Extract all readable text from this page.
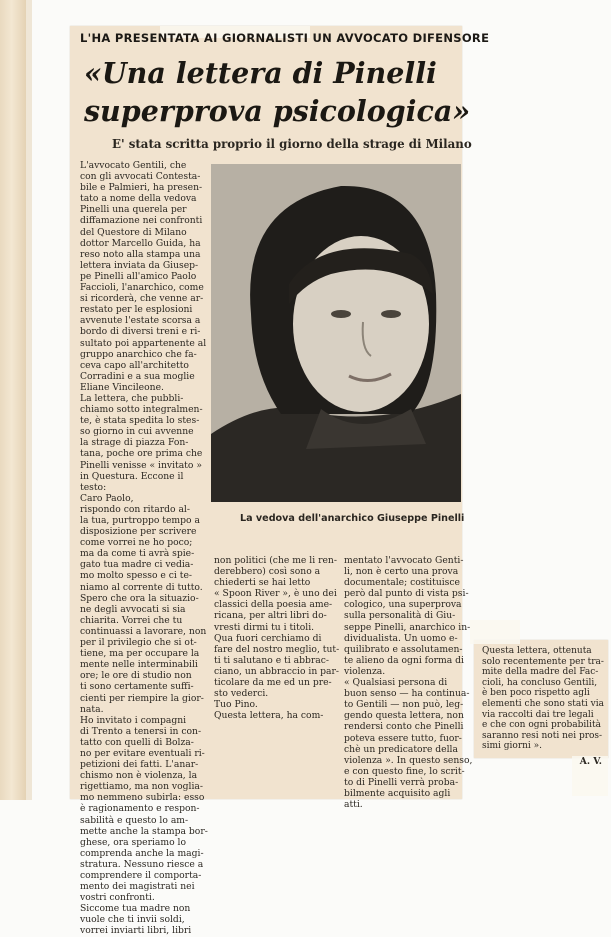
L'HA PRESENTATA AI GIORNALISTI UN AVVOCATO DIFENSORE
«Una lettera di Pinelli
superprova psicologica»
E' stata scritta proprio il giorno della strage di Milano
L'avvocato Gentili, che
con gli avvocati Contesta-
bile e Palmieri, ha presen-
tato a nome della vedova
Pinelli una querela per
diffamazione nei confronti
del Questore di Milano
dottor Marcello Guida, ha
reso noto alla stampa una
lettera inviata da Giusep-
pe Pinelli all'amico Paolo
Faccioli, l'anarchico, come
si ricorderà, che venne ar-
restato per le esplosioni
avvenute l'estate scorsa a
bordo di diversi treni e ri-
sultato poi appartenente al
gruppo anarchico che fa-
ceva capo all'architetto
Corradini e a sua moglie
Eliane Vincileone.
La lettera, che pubbli-
chiamo sotto integralmen-
te, è stata spedita lo stes-
so giorno in cui avvenne
la strage di piazza Fon-
tana, poche ore prima che
Pinelli venisse « invitato »
in Questura. Eccone il
testo:
Caro Paolo,
rispondo con ritardo al-
la tua, purtroppo tempo a
disposizione per scrivere
come vorrei ne ho poco;
ma da come ti avrà spie-
gato tua madre ci vedia-
mo molto spesso e ci te-
niamo al corrente di tutto.
Spero che ora la situazio-
ne degli avvocati si sia
chiarita. Vorrei che tu
continuassi a lavorare, non
per il privilegio che si ot-
tiene, ma per occupare la
mente nelle interminabili
ore; le ore di studio non
ti sono certamente suffi-
cienti per riempire la gior-
nata.
Ho invitato i compagni
di Trento a tenersi in con-
tatto con quelli di Bolza-
no per evitare eventuali ri-
petizioni dei fatti. L'anar-
chismo non è violenza, la
rigettiamo, ma non voglia-
mo nemmeno subirla: esso
è ragionamento e respon-
sabilità e questo lo am-
mette anche la stampa bor-
ghese, ora speriamo lo
comprenda anche la magi-
stratura. Nessuno riesce a
comprendere il comporta-
mento dei magistrati nei
vostri confronti.
Siccome tua madre non
vuole che ti invii soldi,
vorrei inviarti libri, libri
La vedova dell'anarchico Giuseppe Pinelli
non politici (che me li ren-
derebbero) così sono a
chiederti se hai letto
« Spoon River », è uno dei
classici della poesia ame-
ricana, per altri libri do-
vresti dirmi tu i titoli.
Qua fuori cerchiamo di
fare del nostro meglio, tut-
ti ti salutano e ti abbrac-
ciano, un abbraccio in par-
ticolare da me ed un pre-
sto vederci.
Tuo Pino.
Questa lettera, ha com-
mentato l'avvocato Genti-
li, non è certo una prova
documentale; costituisce
però dal punto di vista psi-
cologico, una superprova
sulla personalità di Giu-
seppe Pinelli, anarchico in-
dividualista. Un uomo e-
quilibrato e assolutamen-
te alieno da ogni forma di
violenza.
« Qualsiasi persona di
buon senso — ha continua-
to Gentili — non può, leg-
gendo questa lettera, non
rendersi conto che Pinelli
poteva essere tutto, fuor-
chè un predicatore della
violenza ». In questo senso,
e con questo fine, lo scrit-
to di Pinelli verrà proba-
bilmente acquisito agli
atti.
Questa lettera, ottenuta
solo recentemente per tra-
mite della madre del Fac-
cioli, ha concluso Gentili,
è ben poco rispetto agli
elementi che sono stati via
via raccolti dai tre legali
e che con ogni probabilità
saranno resi noti nei pros-
simi giorni ».
A. V.
